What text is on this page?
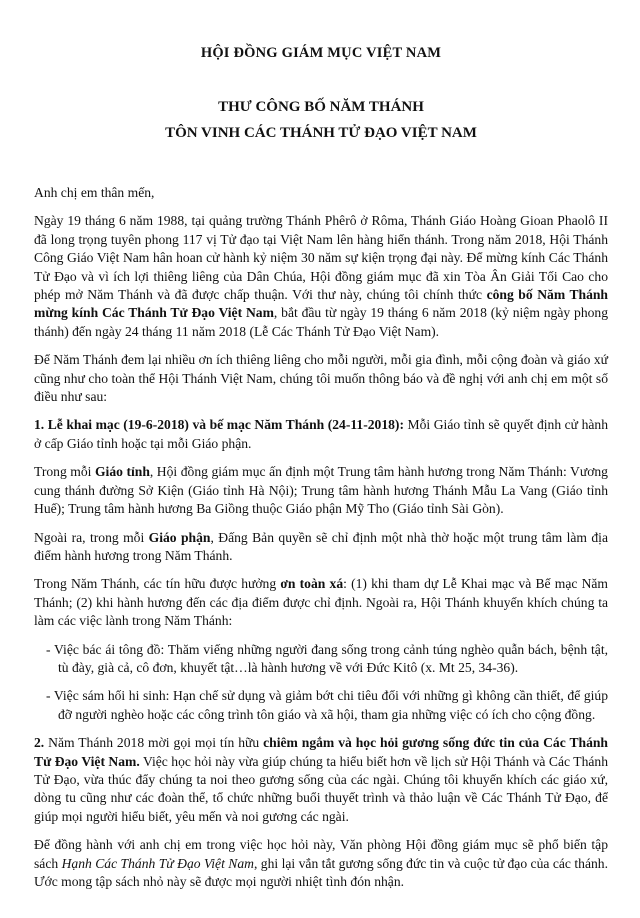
HỘI ĐỒNG GIÁM MỤC VIỆT NAM
THƯ CÔNG BỐ NĂM THÁNH
TÔN VINH CÁC THÁNH TỬ ĐẠO VIỆT NAM

Anh chị em thân mến,

Ngày 19 tháng 6 năm 1988, tại quảng trường Thánh Phêrô ở Rôma, Thánh Giáo Hoàng Gioan Phaolô II đã long trọng tuyên phong 117 vị Tử đạo tại Việt Nam lên hàng hiển thánh. Trong năm 2018, Hội Thánh Công Giáo Việt Nam hân hoan cử hành kỷ niệm 30 năm sự kiện trọng đại này. Để mừng kính Các Thánh Tử Đạo và vì ích lợi thiêng liêng của Dân Chúa, Hội đồng giám mục đã xin Tòa Ân Giải Tối Cao cho phép mở Năm Thánh và đã được chấp thuận. Với thư này, chúng tôi chính thức công bố Năm Thánh mừng kính Các Thánh Tử Đạo Việt Nam, bắt đầu từ ngày 19 tháng 6 năm 2018 (kỷ niệm ngày phong thánh) đến ngày 24 tháng 11 năm 2018 (Lễ Các Thánh Tử Đạo Việt Nam).

Để Năm Thánh đem lại nhiều ơn ích thiêng liêng cho mỗi người, mỗi gia đình, mỗi cộng đoàn và giáo xứ cũng như cho toàn thể Hội Thánh Việt Nam, chúng tôi muốn thông báo và đề nghị với anh chị em một số điều như sau:

1. Lễ khai mạc (19-6-2018) và bế mạc Năm Thánh (24-11-2018): Mỗi Giáo tỉnh sẽ quyết định cử hành ở cấp Giáo tỉnh hoặc tại mỗi Giáo phận.

Trong mỗi Giáo tỉnh, Hội đồng giám mục ấn định một Trung tâm hành hương trong Năm Thánh: Vương cung thánh đường Sở Kiện (Giáo tỉnh Hà Nội); Trung tâm hành hương Thánh Mẫu La Vang (Giáo tỉnh Huế); Trung tâm hành hương Ba Giồng thuộc Giáo phận Mỹ Tho (Giáo tỉnh Sài Gòn).

Ngoài ra, trong mỗi Giáo phận, Đấng Bản quyền sẽ chỉ định một nhà thờ hoặc một trung tâm làm địa điểm hành hương trong Năm Thánh.

Trong Năm Thánh, các tín hữu được hưởng ơn toàn xá: (1) khi tham dự Lễ Khai mạc và Bế mạc Năm Thánh; (2) khi hành hương đến các địa điểm được chỉ định. Ngoài ra, Hội Thánh khuyến khích chúng ta làm các việc lành trong Năm Thánh:

- Việc bác ái tông đồ: Thăm viếng những người đang sống trong cảnh túng nghèo quẫn bách, bệnh tật, tù đày, già cả, cô đơn, khuyết tật…là hành hương về với Đức Kitô (x. Mt 25, 34-36).

- Việc sám hối hi sinh: Hạn chế sử dụng và giảm bớt chi tiêu đối với những gì không cần thiết, để giúp đỡ người nghèo hoặc các công trình tôn giáo và xã hội, tham gia những việc có ích cho cộng đồng.

2. Năm Thánh 2018 mời gọi mọi tín hữu chiêm ngắm và học hỏi gương sống đức tin của Các Thánh Tử Đạo Việt Nam. Việc học hỏi này vừa giúp chúng ta hiểu biết hơn về lịch sử Hội Thánh và Các Thánh Tử Đạo, vừa thúc đẩy chúng ta noi theo gương sống của các ngài. Chúng tôi khuyến khích các giáo xứ, dòng tu cũng như các đoàn thể, tổ chức những buổi thuyết trình và thảo luận về Các Thánh Tử Đạo, để giúp mọi người hiểu biết, yêu mến và noi gương các ngài.

Để đồng hành với anh chị em trong việc học hỏi này, Văn phòng Hội đồng giám mục sẽ phổ biến tập sách Hạnh Các Thánh Tử Đạo Việt Nam, ghi lại vắn tắt gương sống đức tin và cuộc tử đạo của các thánh. Ước mong tập sách nhỏ này sẽ được mọi người nhiệt tình đón nhận.
